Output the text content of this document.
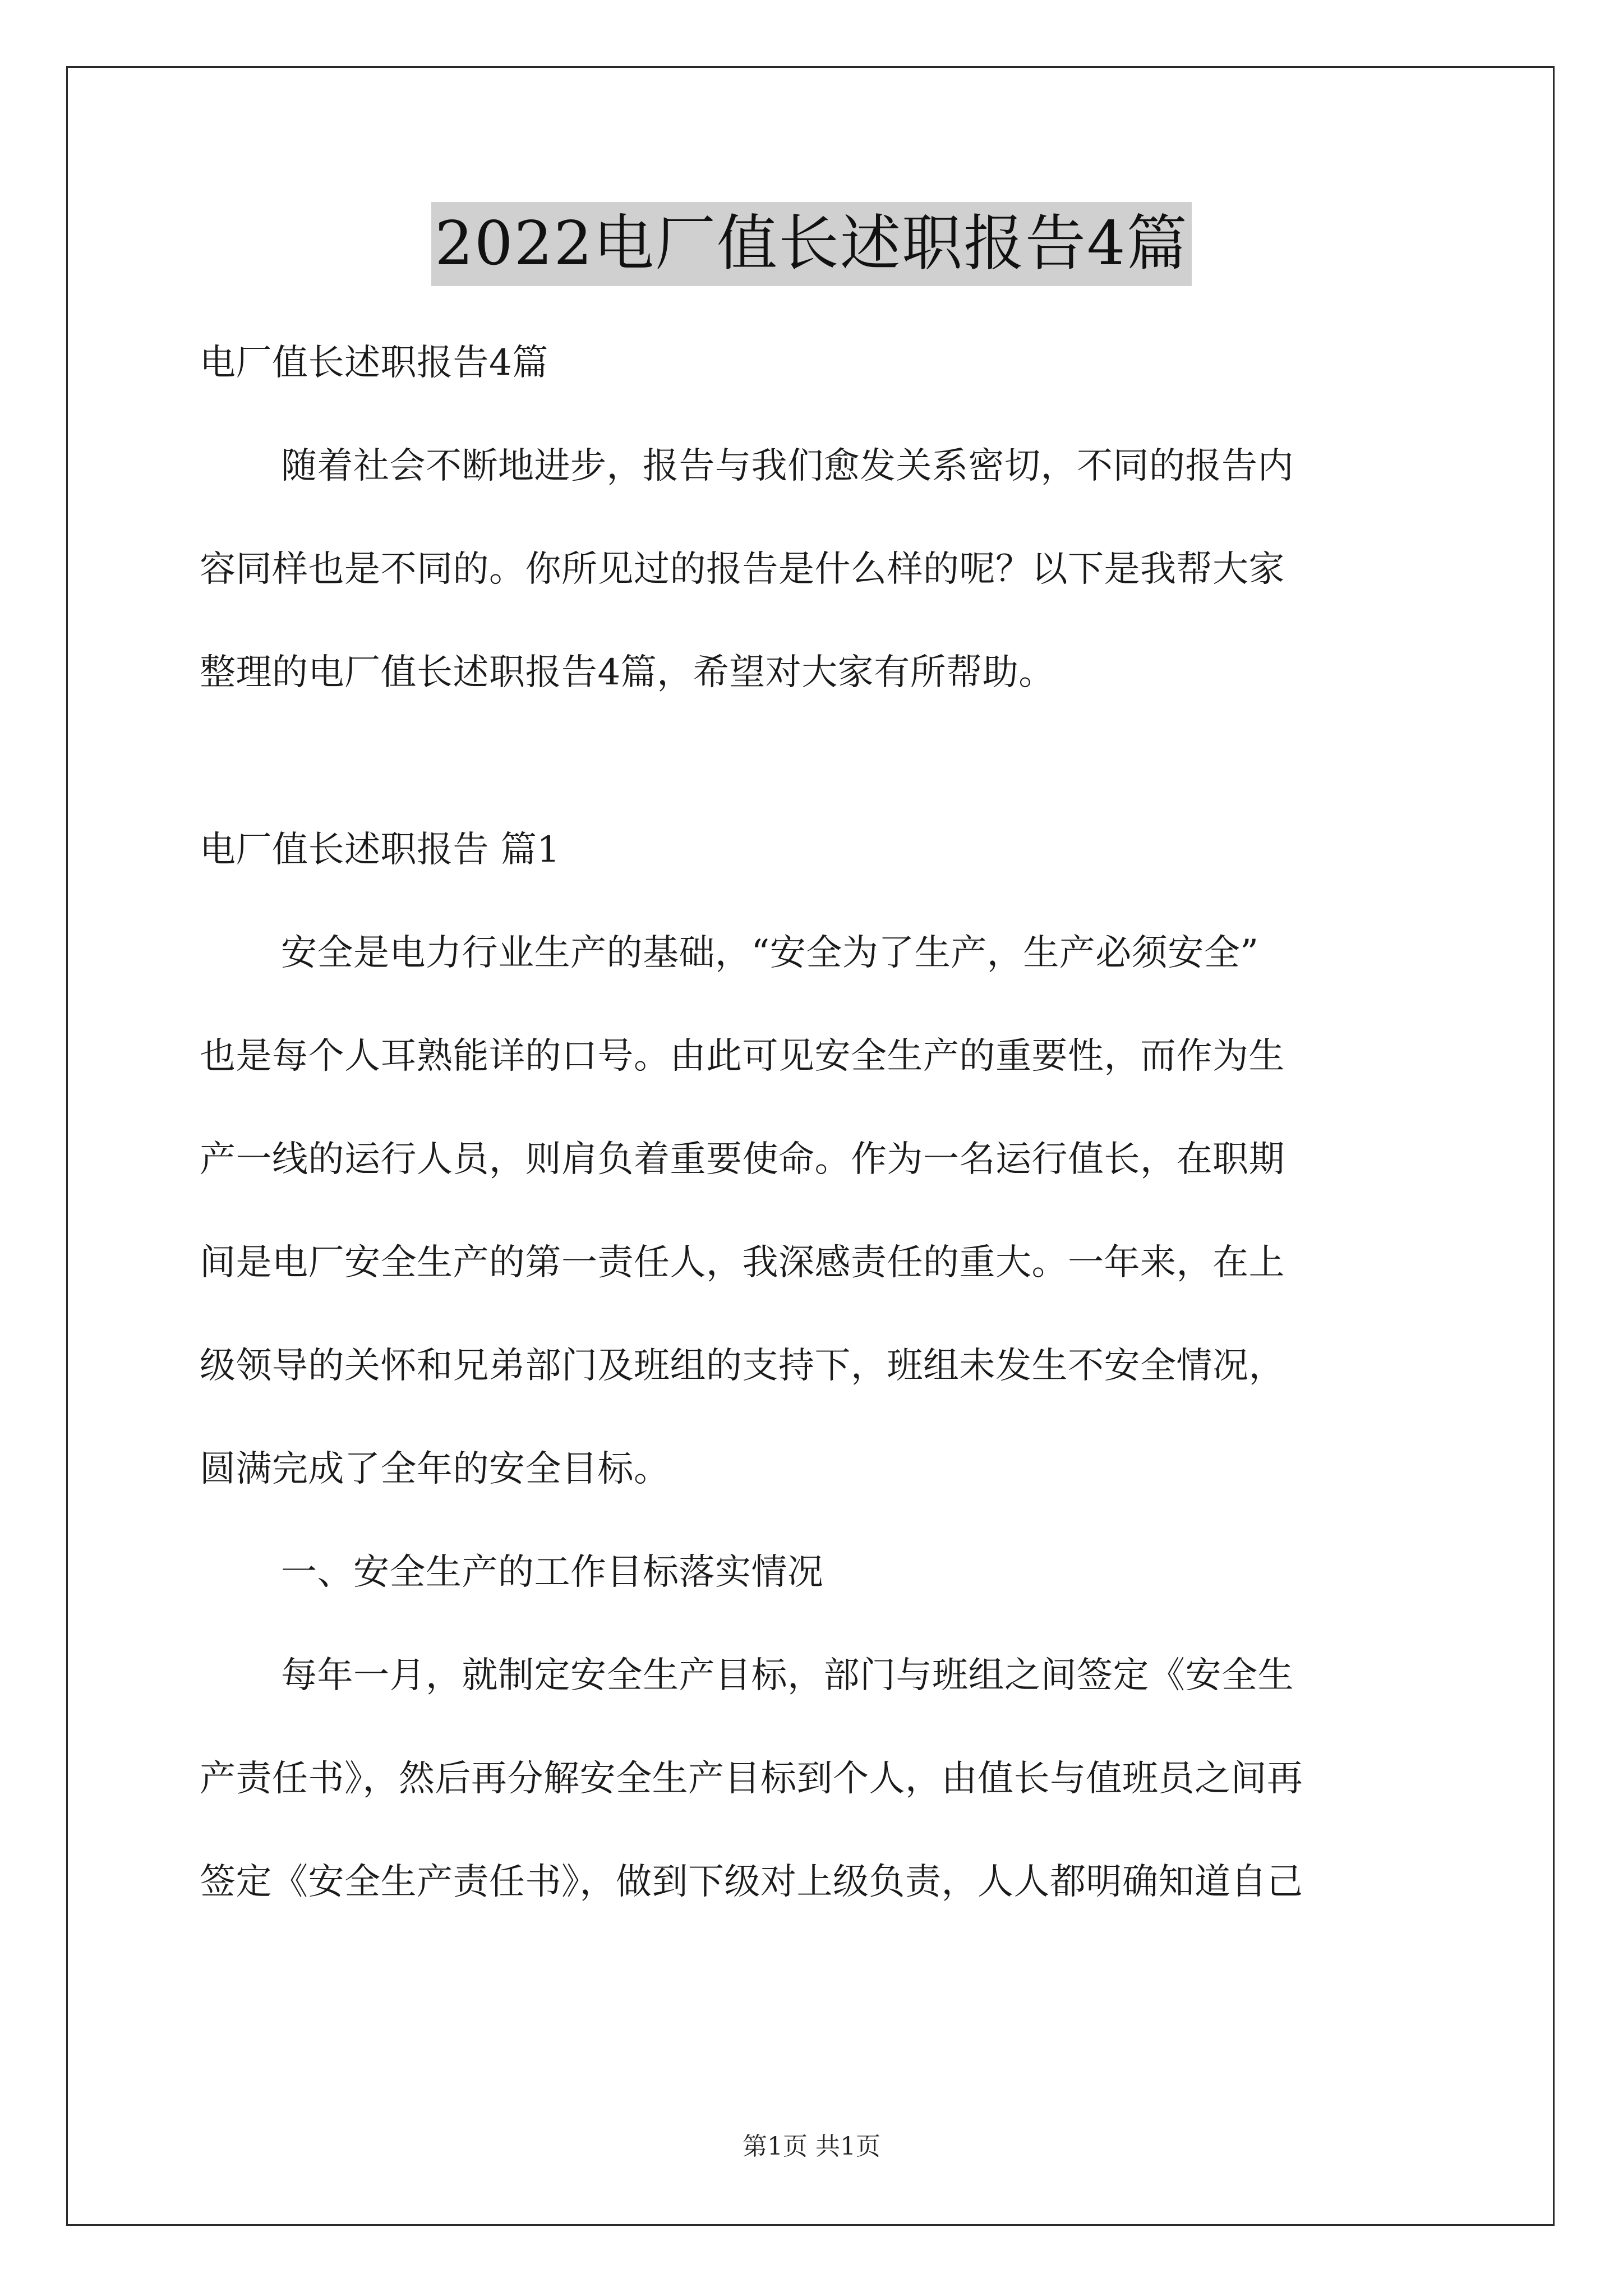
2022电厂值长述职报告4篇
电厂值长述职报告4篇
随着社会不断地进步，报告与我们愈发关系密切，不同的报告内
容同样也是不同的。你所见过的报告是什么样的呢？以下是我帮大家
整理的电厂值长述职报告4篇，希望对大家有所帮助。
电厂值长述职报告 篇1
安全是电力行业生产的基础，“安全为了生产，生产必须安全”
也是每个人耳熟能详的口号。由此可见安全生产的重要性，而作为生
产一线的运行人员，则肩负着重要使命。作为一名运行值长，在职期
间是电厂安全生产的第一责任人，我深感责任的重大。一年来，在上
级领导的关怀和兄弟部门及班组的支持下，班组未发生不安全情况，
圆满完成了全年的安全目标。
一、安全生产的工作目标落实情况
每年一月，就制定安全生产目标，部门与班组之间签定《安全生
产责任书》，然后再分解安全生产目标到个人，由值长与值班员之间再
签定《安全生产责任书》，做到下级对上级负责，人人都明确知道自己
第1页 共1页
